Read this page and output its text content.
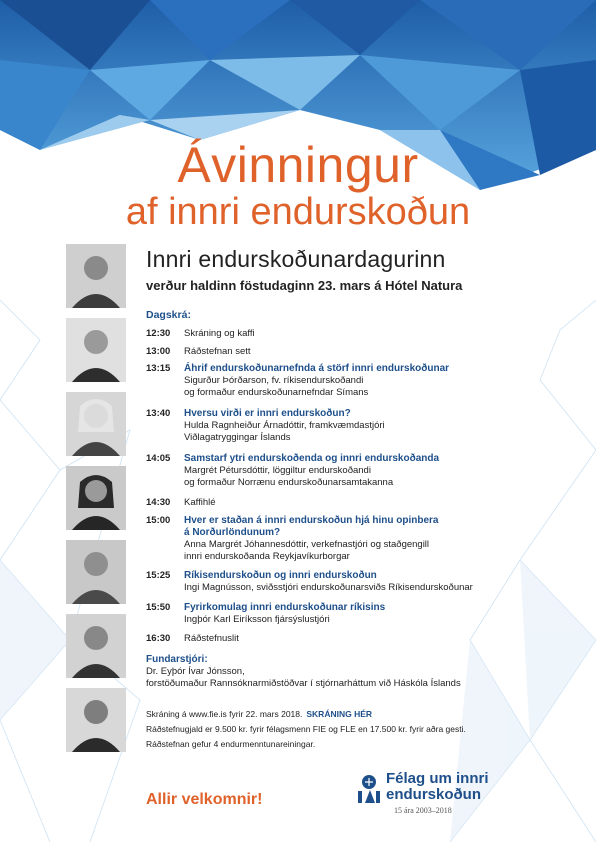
Ávinningur
af innri endurskoðun
Innri endurskoðunardagurinn
verður haldinn föstudaginn 23. mars á Hótel Natura
Dagskrá:
12:30	Skráning og kaffi
13:00	Ráðstefnan sett
13:15	Áhrif endurskoðunarnefnda á störf innri endurskoðunar
Sigurður Þórðarson, fv. ríkisendurskoðandi
og formaður endurskoðunarnefndar Símans
13:40	Hversu virði er innri endurskoðun?
Hulda Ragnheiður Árnadóttir, framkvæmdastjóri
Viðlagatryggingar Íslands
14:05	Samstarf ytri endurskoðenda og innri endurskoðanda
Margrét Pétursdóttir, löggiltur endurskoðandi
og formaður Norrænu endurskoðunarsamtakanna
14:30	Kaffihlé
15:00	Hver er staðan á innri endurskoðun hjá hinu opinbera
á Norðurlöndunum?
Anna Margrét Jóhannesdóttir, verkefnastjóri og staðgengill
innri endurskoðanda Reykjavíkurborgar
15:25	Ríkisendurskoðun og innri endurskoðun
Ingi Magnússon, sviðsstjóri endurskoðunarsviðs Ríkisendurskoðunar
15:50	Fyrirkomulag innri endurskoðunar ríkisins
Ingþór Karl Eiríksson fjársýslustjóri
16:30	Ráðstefnuslit
Fundarstjóri:
Dr. Eyþór Ívar Jónsson,
forstöðumaður Rannsóknarmiðstöðvar í stjórnarháttum við Háskóla Íslands
Skráning á www.fie.is fyrir 22. mars 2018. SKRÁNING HÉR
Ráðstefnugjald er 9.500 kr. fyrir félagsmenn FIE og FLE en 17.500 kr. fyrir aðra gesti.
Ráðstefnan gefur 4 endurmenntunareiningar.
Allir velkomnir!
Félag um innri
endurskoðun
15 ára 2003–2018
